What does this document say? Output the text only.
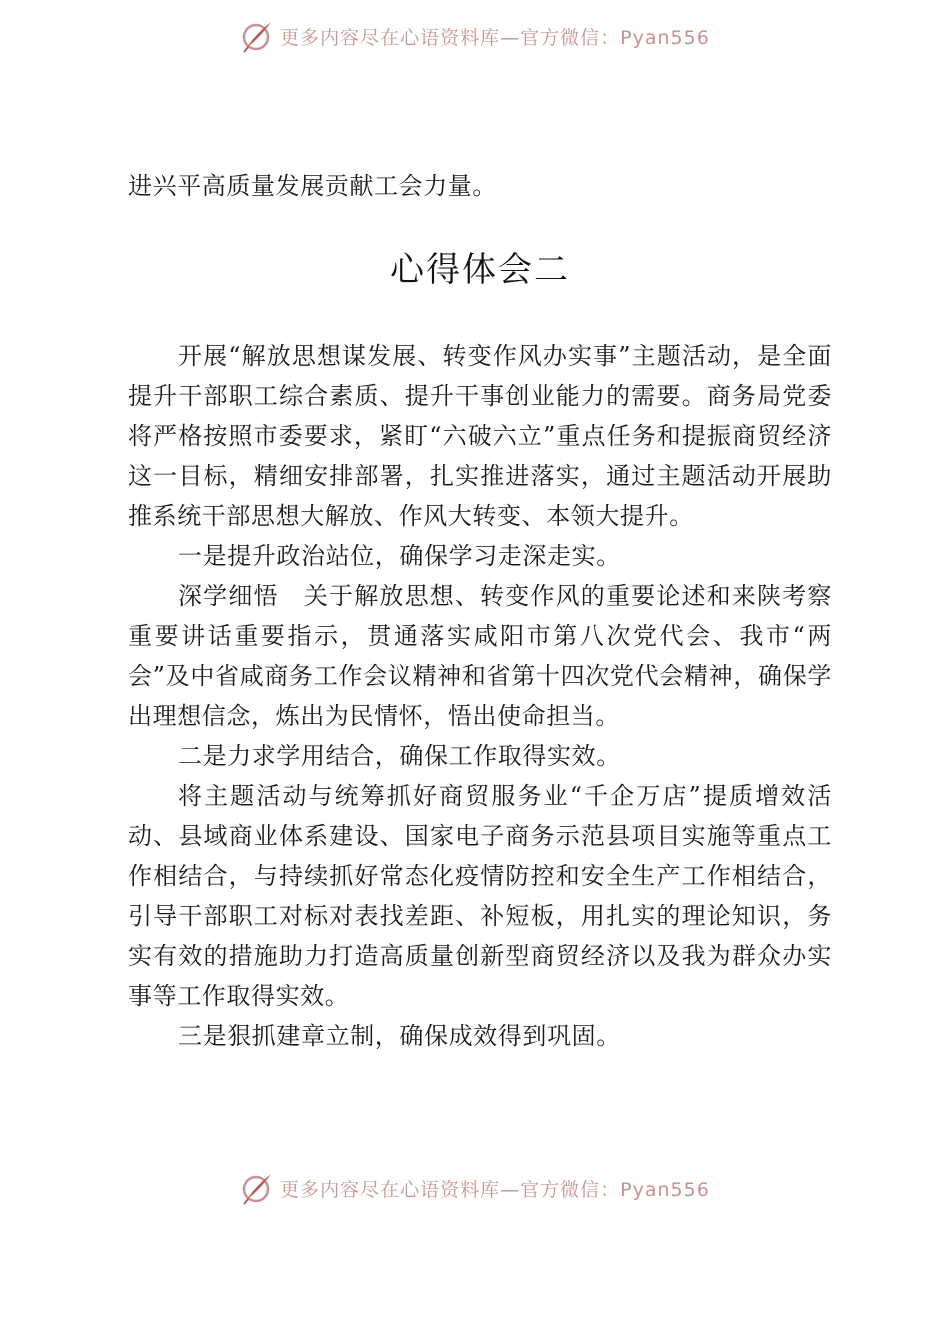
更多内容尽在心语资料库—官方微信：Pyan556

进兴平高质量发展贡献工会力量。

心得体会二

开展“解放思想谋发展、转变作风办实事”主题活动，是全面提升干部职工综合素质、提升干事创业能力的需要。商务局党委将严格按照市委要求，紧盯“六破六立”重点任务和提振商贸经济这一目标，精细安排部署，扎实推进落实，通过主题活动开展助推系统干部思想大解放、作风大转变、本领大提升。

一是提升政治站位，确保学习走深走实。

深学细悟　关于解放思想、转变作风的重要论述和来陕考察重要讲话重要指示，贯通落实咸阳市第八次党代会、我市“两会”及中省咸商务工作会议精神和省第十四次党代会精神，确保学出理想信念，炼出为民情怀，悟出使命担当。

二是力求学用结合，确保工作取得实效。

将主题活动与统筹抓好商贸服务业“千企万店”提质增效活动、县域商业体系建设、国家电子商务示范县项目实施等重点工作相结合，与持续抓好常态化疫情防控和安全生产工作相结合， 引导干部职工对标对表找差距、补短板，用扎实的理论知识，务实有效的措施助力打造高质量创新型商贸经济以及我为群众办实事等工作取得实效。

三是狠抓建章立制，确保成效得到巩固。

更多内容尽在心语资料库—官方微信：Pyan556
